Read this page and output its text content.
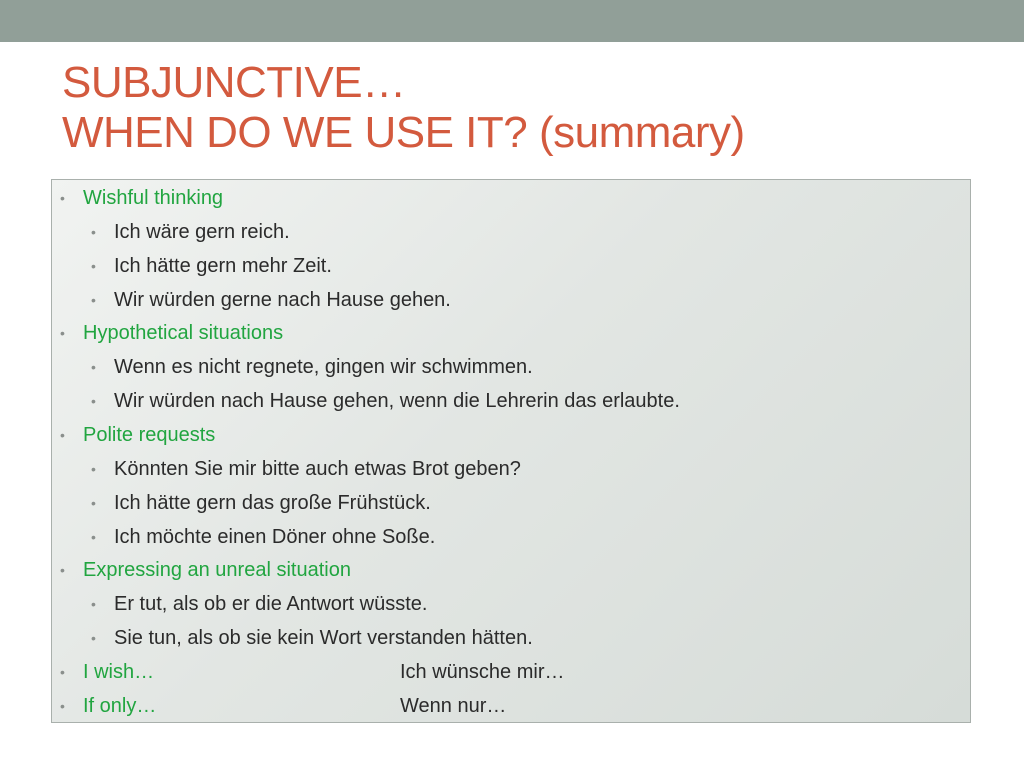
SUBJUNCTIVE…
WHEN DO WE USE IT? (summary)
• Wishful thinking
• Ich wäre gern reich.
• Ich hätte gern mehr Zeit.
• Wir würden gerne nach Hause gehen.
• Hypothetical situations
• Wenn es nicht regnete, gingen wir schwimmen.
• Wir würden nach Hause gehen, wenn die Lehrerin das erlaubte.
• Polite requests
• Könnten Sie mir bitte auch etwas Brot geben?
• Ich hätte gern das große Frühstück.
• Ich möchte einen Döner ohne Soße.
• Expressing an unreal situation
• Er tut, als ob er die Antwort wüsste.
• Sie tun, als ob sie kein Wort verstanden hätten.
• I wish…	Ich wünsche mir…
• If only…	Wenn nur…
